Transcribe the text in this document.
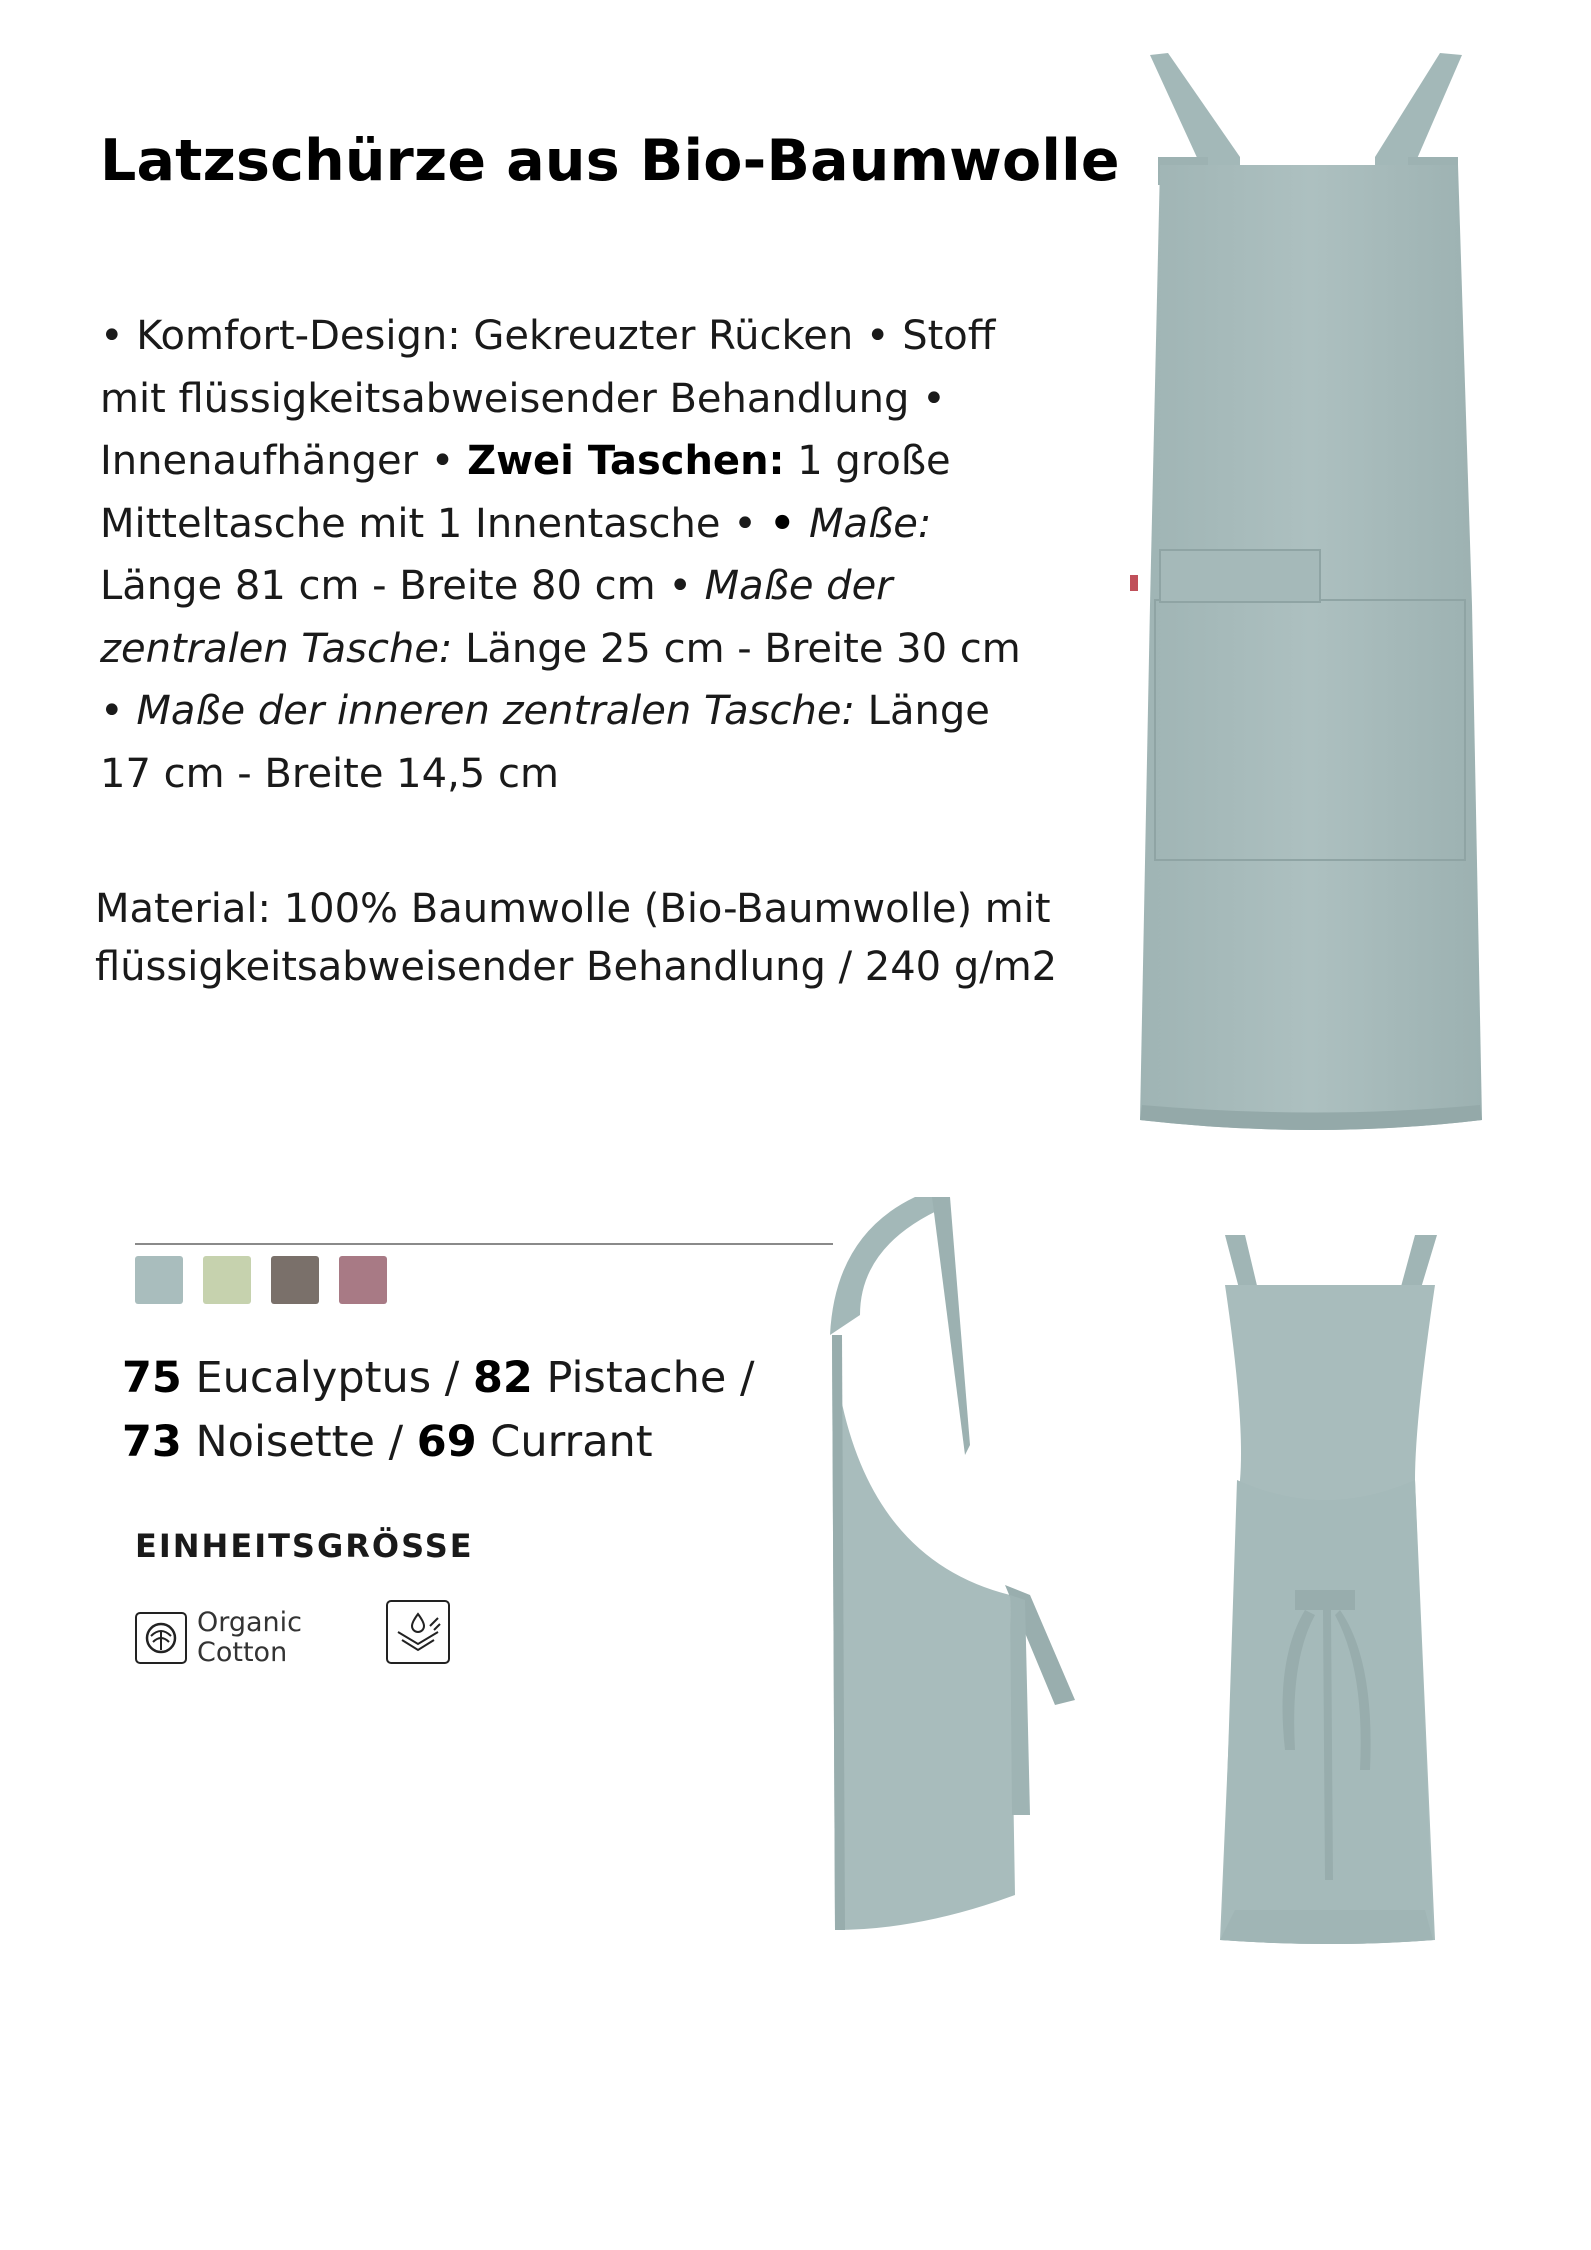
Latzschürze aus Bio-Baumwolle
• Komfort-Design: Gekreuzter Rücken • Stoff mit flüssigkeitsabweisender Behandlung • Innenaufhänger • Zwei Taschen: 1 große Mitteltasche mit 1 Innentasche • • Maße: Länge 81 cm - Breite 80 cm • Maße der zentralen Tasche: Länge 25 cm - Breite 30 cm • Maße der inneren zentralen Tasche: Länge 17 cm - Breite 14,5 cm
Material: 100% Baumwolle (Bio-Baumwolle) mit flüssigkeitsabweisender Behandlung / 240 g/m2
75 Eucalyptus / 82 Pistache /
73 Noisette / 69 Currant
EINHEITSGRÖSSE
Organic
Cotton
